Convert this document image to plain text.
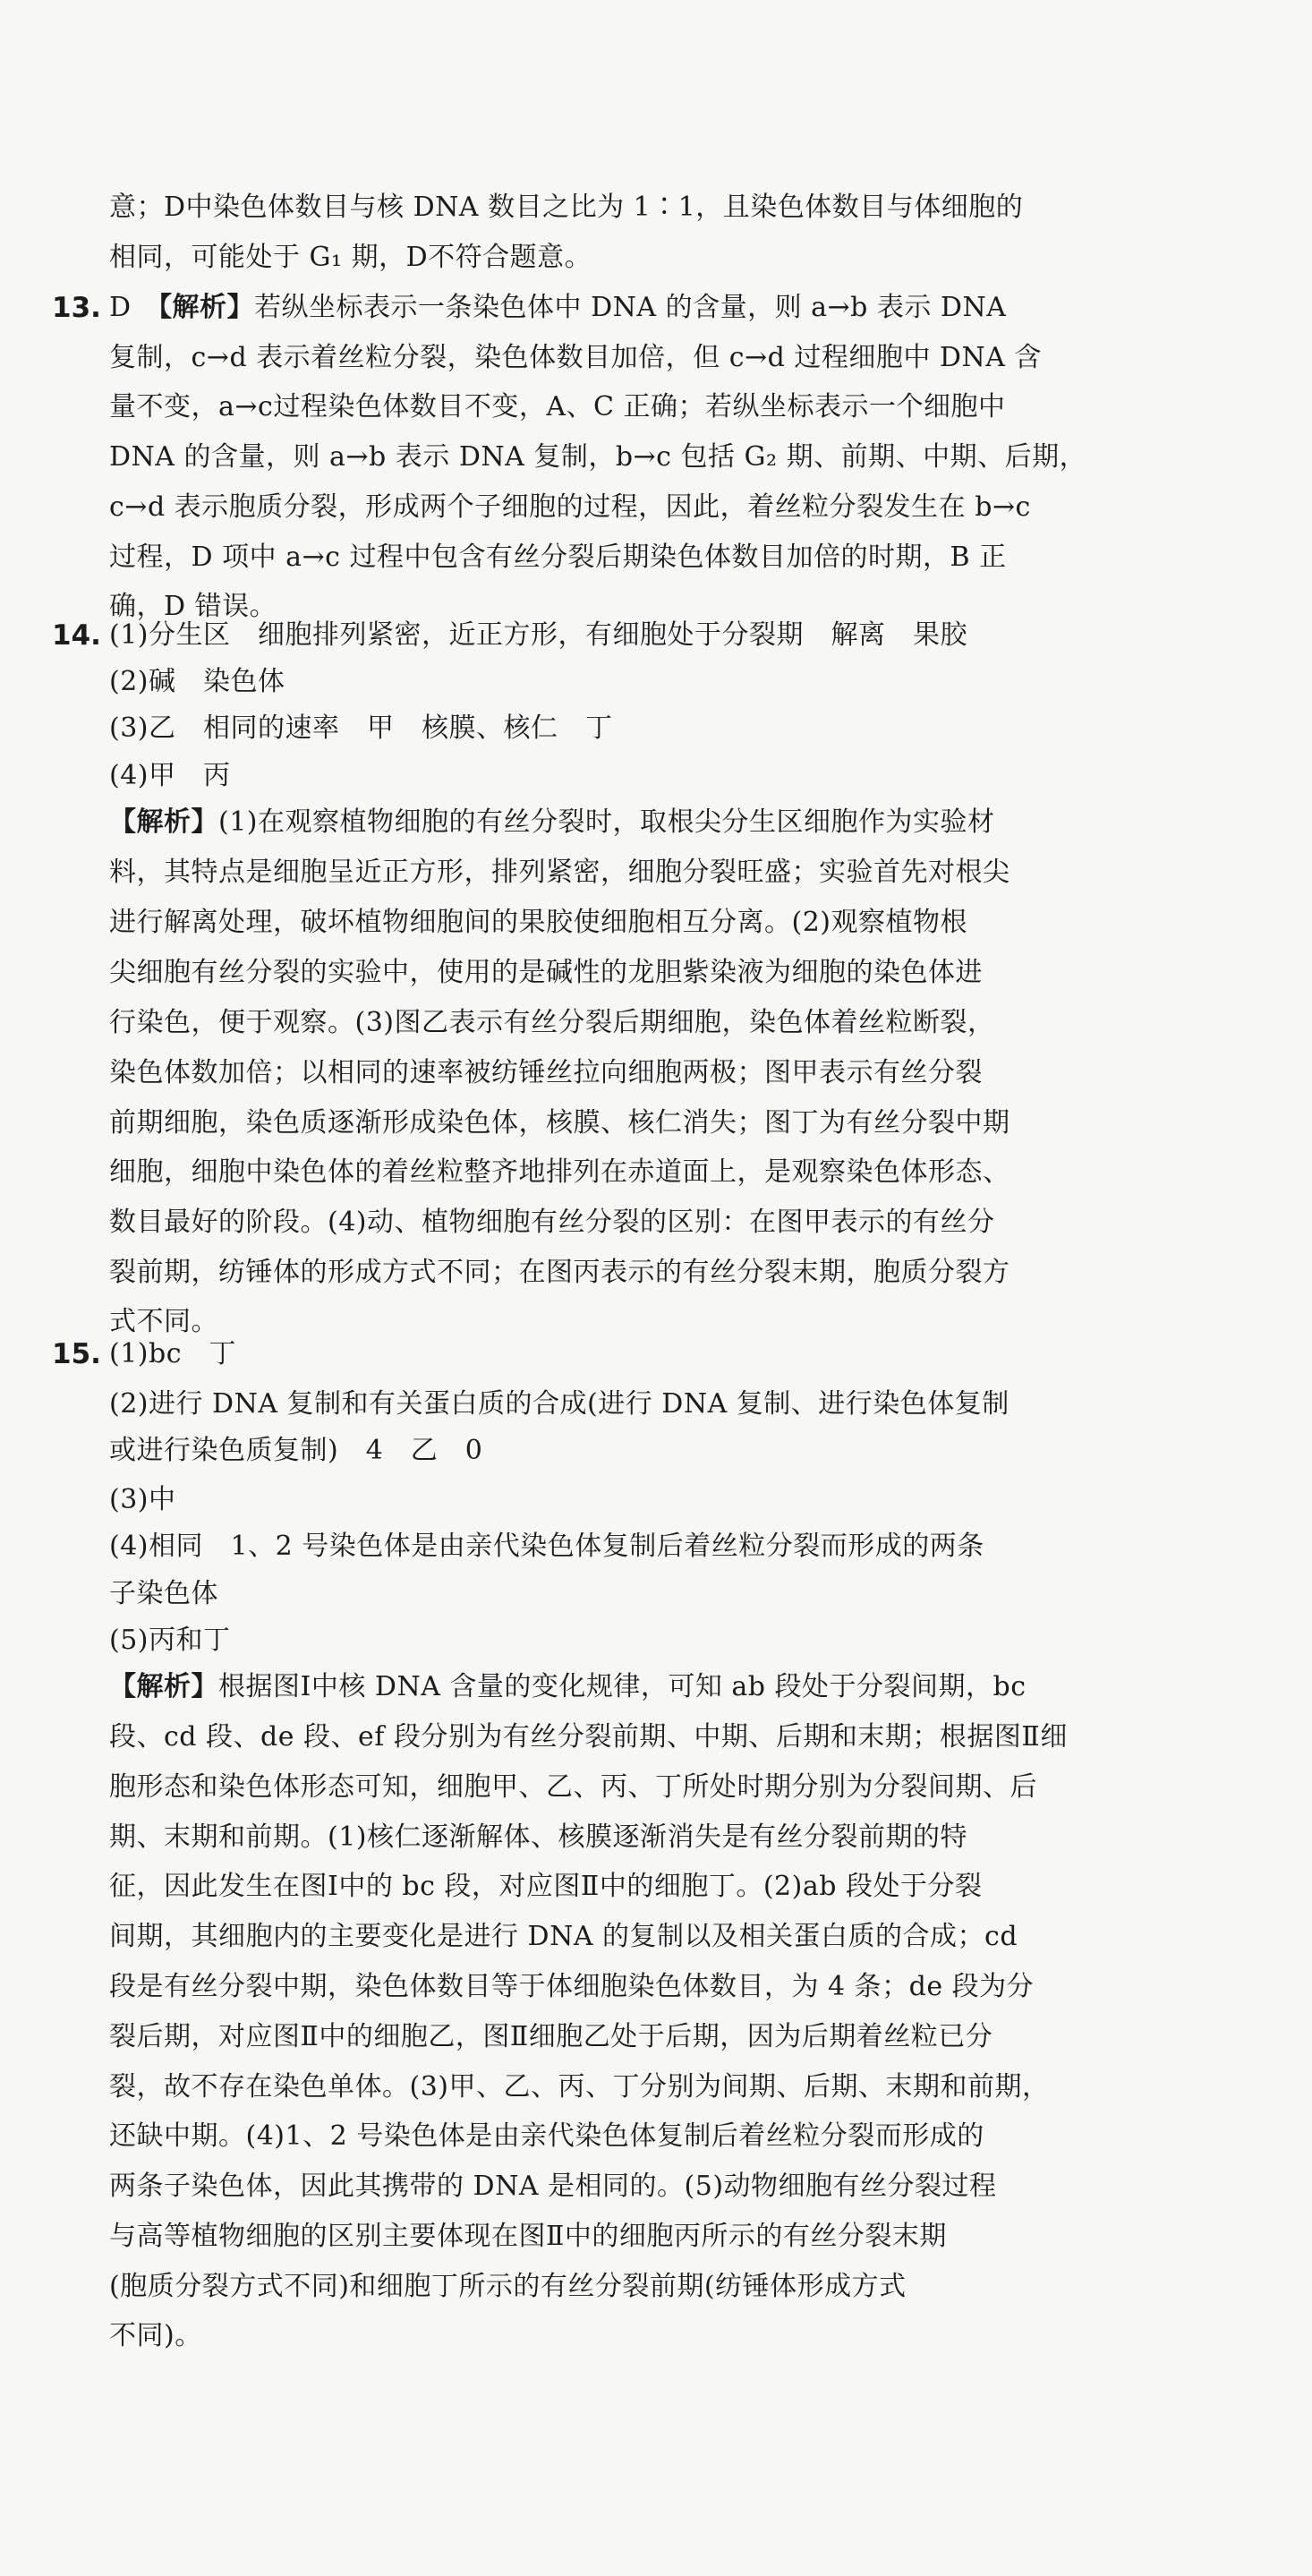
意；D中染色体数目与核 DNA 数目之比为 1∶1，且染色体数目与体细胞的
相同，可能处于 G₁ 期，D不符合题意。
13. D　 【解析】若纵坐标表示一条染色体中 DNA 的含量，则 a→b 表示 DNA
复制，c→d 表示着丝粒分裂，染色体数目加倍，但 c→d 过程细胞中 DNA 含
量不变，a→c过程染色体数目不变，A、C 正确；若纵坐标表示一个细胞中
DNA 的含量，则 a→b 表示 DNA 复制，b→c 包括 G₂ 期、前期、中期、后期，
c→d 表示胞质分裂，形成两个子细胞的过程，因此，着丝粒分裂发生在 b→c
过程，D 项中 a→c 过程中包含有丝分裂后期染色体数目加倍的时期，B 正
确，D 错误。
14. (1)分生区　细胞排列紧密，近正方形，有细胞处于分裂期　解离　果胶
(2)碱　染色体
(3)乙　相同的速率　甲　核膜、核仁　丁
(4)甲　丙
【解析】(1)在观察植物细胞的有丝分裂时，取根尖分生区细胞作为实验材
料，其特点是细胞呈近正方形，排列紧密，细胞分裂旺盛；实验首先对根尖
进行解离处理，破坏植物细胞间的果胶使细胞相互分离。(2)观察植物根
尖细胞有丝分裂的实验中，使用的是碱性的龙胆紫染液为细胞的染色体进
行染色，便于观察。(3)图乙表示有丝分裂后期细胞，染色体着丝粒断裂，
染色体数加倍；以相同的速率被纺锤丝拉向细胞两极；图甲表示有丝分裂
前期细胞，染色质逐渐形成染色体，核膜、核仁消失；图丁为有丝分裂中期
细胞，细胞中染色体的着丝粒整齐地排列在赤道面上，是观察染色体形态、
数目最好的阶段。(4)动、植物细胞有丝分裂的区别：在图甲表示的有丝分
裂前期，纺锤体的形成方式不同；在图丙表示的有丝分裂末期，胞质分裂方
式不同。
15. (1)bc　丁
(2)进行 DNA 复制和有关蛋白质的合成(进行 DNA 复制、进行染色体复制
或进行染色质复制)　4　乙　0
(3)中
(4)相同　1、2 号染色体是由亲代染色体复制后着丝粒分裂而形成的两条
子染色体
(5)丙和丁
【解析】根据图Ⅰ中核 DNA 含量的变化规律，可知 ab 段处于分裂间期，bc
段、cd 段、de 段、ef 段分别为有丝分裂前期、中期、后期和末期；根据图Ⅱ细
胞形态和染色体形态可知，细胞甲、乙、丙、丁所处时期分别为分裂间期、后
期、末期和前期。(1)核仁逐渐解体、核膜逐渐消失是有丝分裂前期的特
征，因此发生在图Ⅰ中的 bc 段，对应图Ⅱ中的细胞丁。(2)ab 段处于分裂
间期，其细胞内的主要变化是进行 DNA 的复制以及相关蛋白质的合成；cd
段是有丝分裂中期，染色体数目等于体细胞染色体数目，为 4 条；de 段为分
裂后期，对应图Ⅱ中的细胞乙，图Ⅱ细胞乙处于后期，因为后期着丝粒已分
裂，故不存在染色单体。(3)甲、乙、丙、丁分别为间期、后期、末期和前期，
还缺中期。(4)1、2 号染色体是由亲代染色体复制后着丝粒分裂而形成的
两条子染色体，因此其携带的 DNA 是相同的。(5)动物细胞有丝分裂过程
与高等植物细胞的区别主要体现在图Ⅱ中的细胞丙所示的有丝分裂末期
(胞质分裂方式不同)和细胞丁所示的有丝分裂前期(纺锤体形成方式
不同)。
